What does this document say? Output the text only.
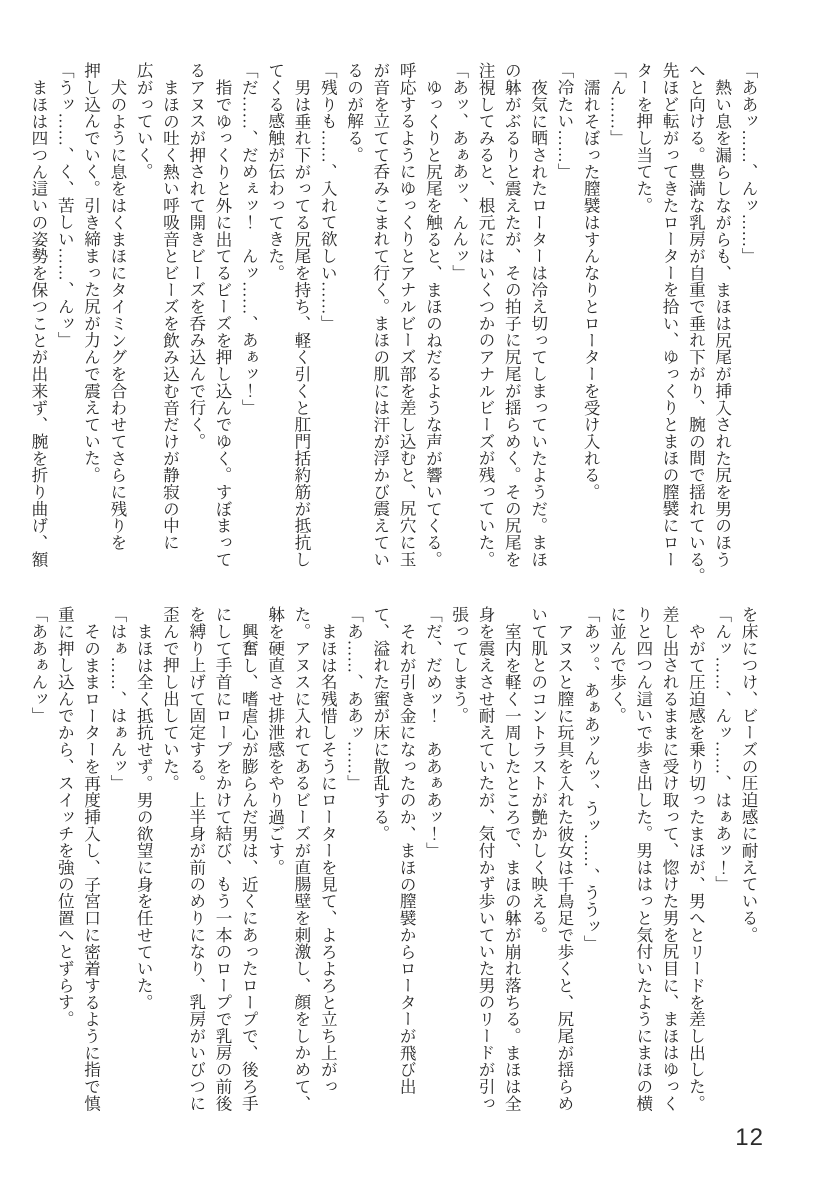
「ああッ……、んッ……」
熱い息を漏らしながらも、まほは尻尾が挿入された尻を男のほう
へと向ける。豊満な乳房が自重で垂れ下がり、腕の間で揺れている。
先ほど転がってきたローターを拾い、ゆっくりとまほの膣襞にロー
ターを押し当てた。
「ん……」
濡れそぼった膣襞はすんなりとローターを受け入れる。
「冷たい……」
夜気に晒されたローターは冷え切ってしまっていたようだ。まほ
の躰がぶるりと震えたが、その拍子に尻尾が揺らめく。その尻尾を
注視してみると、根元にはいくつかのアナルビーズが残っていた。
「あッ、あぁあッ、んんッ」
ゆっくりと尻尾を触ると、まほのねだるような声が響いてくる。
呼応するようにゆっくりとアナルビーズ部を差し込むと、尻穴に玉
が音を立てて呑みこまれて行く。まほの肌には汗が浮かび震えてい
るのが解る。
「残りも……、入れて欲しい……」
男は垂れ下がってる尻尾を持ち、軽く引くと肛門括約筋が抵抗し
てくる感触が伝わってきた。
「だ……、だめぇッ！　んッ……、あぁッ！」
指でゆっくりと外に出てるビーズを押し込んでゆく。すぼまって
るアヌスが押されて開きビーズを呑み込んで行く。
まほの吐く熱い呼吸音とビーズを飲み込む音だけが静寂の中に
広がっていく。
犬のように息をはくまほにタイミングを合わせてさらに残りを
押し込んでいく。引き締まった尻が力んで震えていた。
「うッ……、く、苦しい……、んッ」
まほは四つん這いの姿勢を保つことが出来ず、腕を折り曲げ、額
を床につけ、ビーズの圧迫感に耐えている。
「んッ……、んッ……、はぁあッ！」
やがて圧迫感を乗り切ったまほが、男へとリードを差し出した。
差し出されるままに受け取って、惚けた男を尻目に、まほはゆっく
りと四つん這いで歩き出した。男ははっと気付いたようにまほの横
に並んで歩く。
「あッ。、あぁあッんッ、うッ……、ううッ」
アヌスと膣に玩具を入れた彼女は千鳥足で歩くと、尻尾が揺らめ
いて肌とのコントラストが艶かしく映える。
室内を軽く一周したところで、まほの躰が崩れ落ちる。まほは全
身を震えさせ耐えていたが、気付かず歩いていた男のリードが引っ
張ってしまう。
「だ、だめッ！　ああぁあッ！」
それが引き金になったのか、まほの膣襞からローターが飛び出
て、溢れた蜜が床に散乱する。
「あ……、ああッ……」
まほは名残惜しそうにローターを見て、よろよろと立ち上がっ
た。アヌスに入れてあるビーズが直腸壁を刺激し、顔をしかめて、
躰を硬直させ排泄感をやり過ごす。
興奮し、嗜虐心が膨らんだ男は、近くにあったロープで、後ろ手
にして手首にロープをかけて結び、もう一本のロープで乳房の前後
を縛り上げて固定する。上半身が前のめりになり、乳房がいびつに
歪んで押し出していた。
まほは全く抵抗せず。男の欲望に身を任せていた。
「はぁ……、はぁんッ」
そのままローターを再度挿入し、子宮口に密着するように指で慎
重に押し込んでから、スイッチを強の位置へとずらす。
「ああぁんッ」
12
